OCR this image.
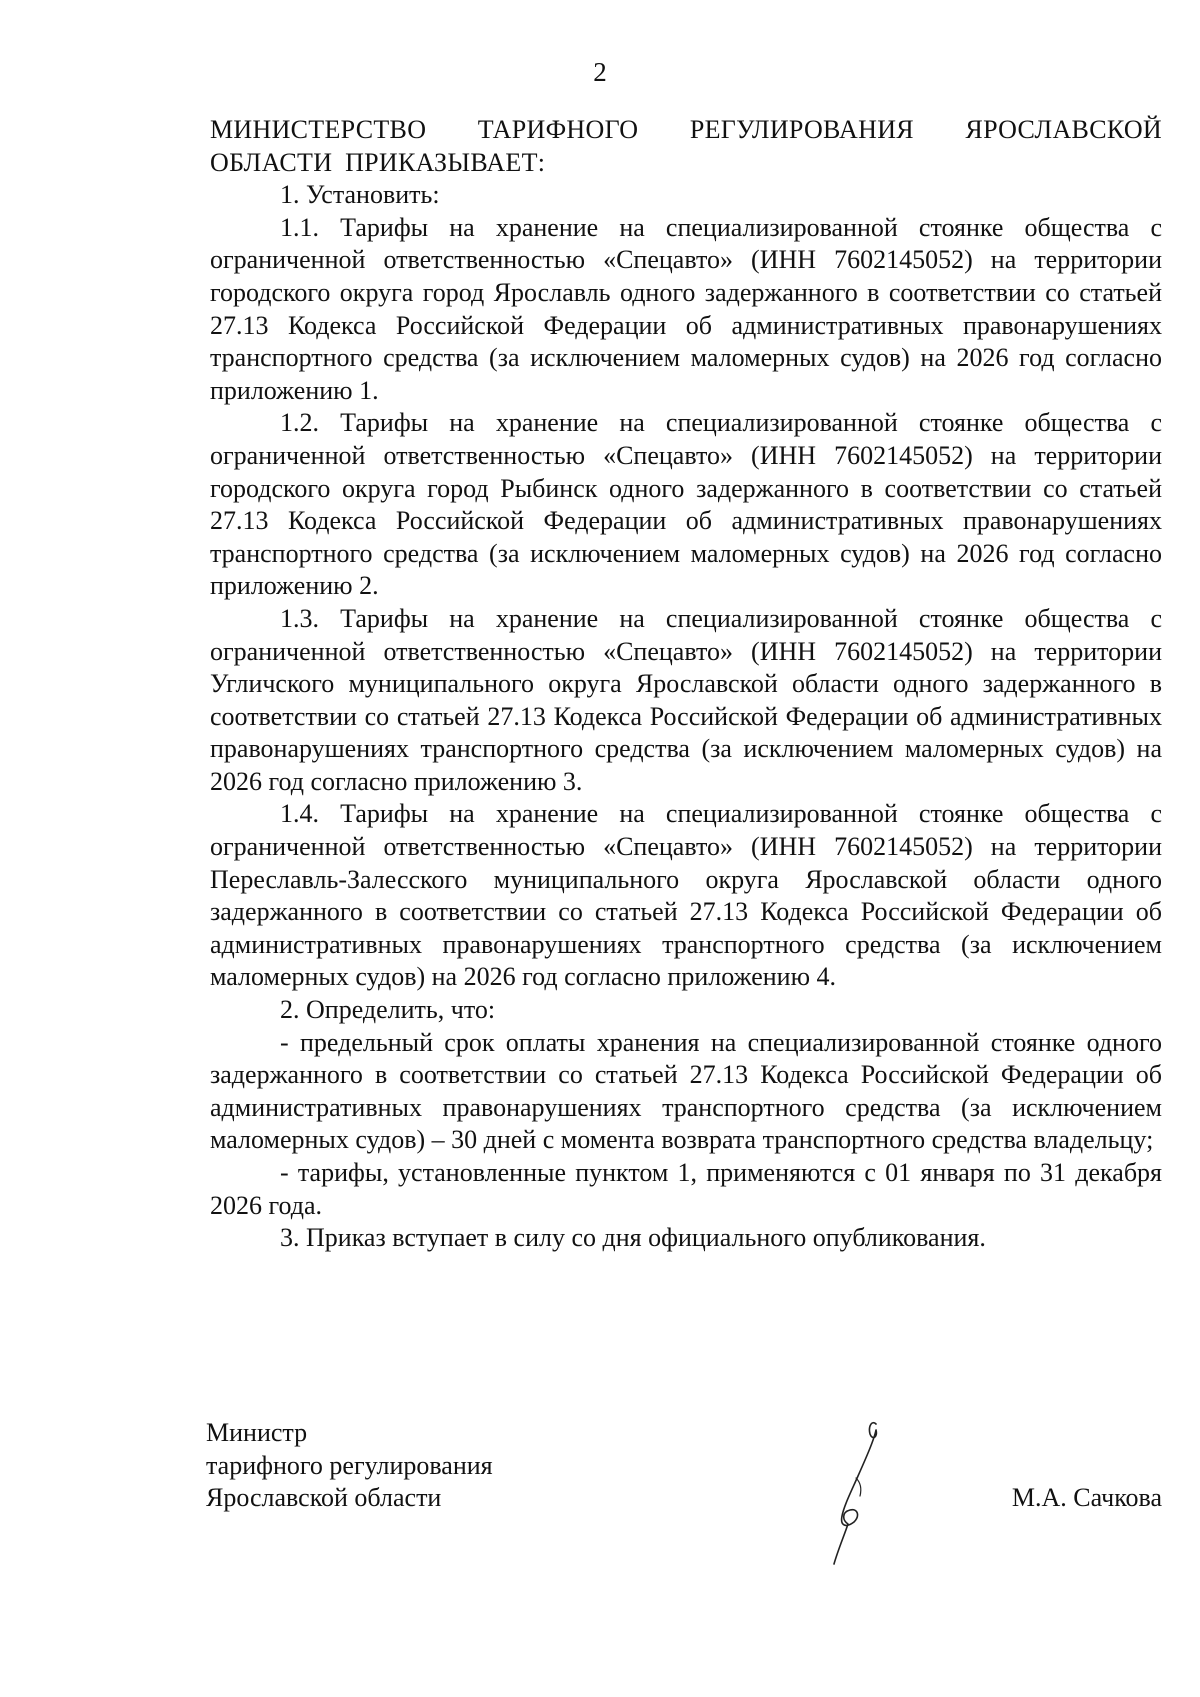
2

МИНИСТЕРСТВО ТАРИФНОГО РЕГУЛИРОВАНИЯ ЯРОСЛАВСКОЙ ОБЛАСТИ ПРИКАЗЫВАЕТ:

1. Установить:

1.1. Тарифы на хранение на специализированной стоянке общества с ограниченной ответственностью «Спецавто» (ИНН 7602145052) на территории городского округа город Ярославль одного задержанного в соответствии со статьей 27.13 Кодекса Российской Федерации об административных правонарушениях транспортного средства (за исключением маломерных судов) на 2026 год согласно приложению 1.

1.2. Тарифы на хранение на специализированной стоянке общества с ограниченной ответственностью «Спецавто» (ИНН 7602145052) на территории городского округа город Рыбинск одного задержанного в соответствии со статьей 27.13 Кодекса Российской Федерации об административных правонарушениях транспортного средства (за исключением маломерных судов) на 2026 год согласно приложению 2.

1.3. Тарифы на хранение на специализированной стоянке общества с ограниченной ответственностью «Спецавто» (ИНН 7602145052) на территории Угличского муниципального округа Ярославской области одного задержанного в соответствии со статьей 27.13 Кодекса Российской Федерации об административных правонарушениях транспортного средства (за исключением маломерных судов) на 2026 год согласно приложению 3.

1.4. Тарифы на хранение на специализированной стоянке общества с ограниченной ответственностью «Спецавто» (ИНН 7602145052) на территории Переславль-Залесского муниципального округа Ярославской области одного задержанного в соответствии со статьей 27.13 Кодекса Российской Федерации об административных правонарушениях транспортного средства (за исключением маломерных судов) на 2026 год согласно приложению 4.

2. Определить, что:

- предельный срок оплаты хранения на специализированной стоянке одного задержанного в соответствии со статьей 27.13 Кодекса Российской Федерации об административных правонарушениях транспортного средства (за исключением маломерных судов) – 30 дней с момента возврата транспортного средства владельцу;

- тарифы, установленные пунктом 1, применяются с 01 января по 31 декабря 2026 года.

3. Приказ вступает в силу со дня официального опубликования.

Министр
тарифного регулирования
Ярославской области	М.А. Сачкова
